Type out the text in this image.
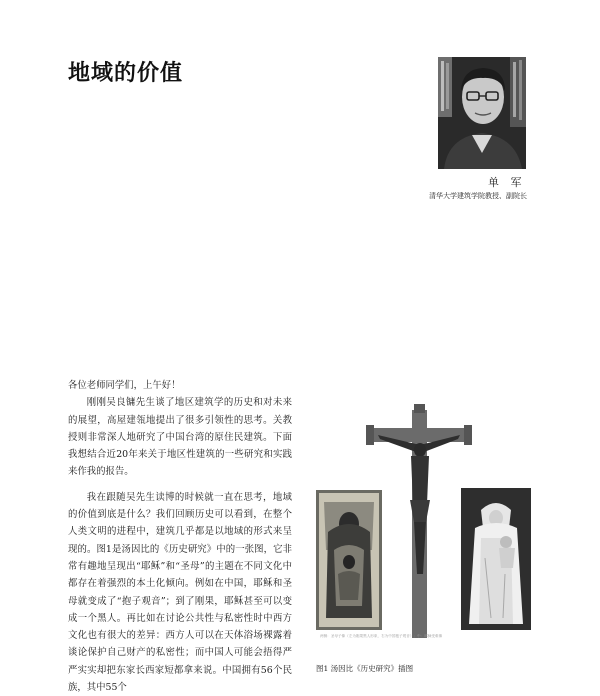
地域的价值
单 军
清华大学建筑学院教授、副院长

各位老师同学们，上午好！

刚刚吴良镛先生谈了地区建筑学的历史和对未来的展望，高屋建瓴地提出了很多引领性的思考。关教授则非常深人地研究了中国台湾的原住民建筑。下面我想结合近20年来关于地区性建筑的一些研究和实践来作我的报告。

我在跟随吴先生读博的时候就一直在思考，地域的价值到底是什么？我们回顾历史可以看到，在整个人类文明的进程中，建筑几乎都是以地域的形式来呈现的。图1是汤因比的《历史研究》中的一张图，它非常有趣地呈现出“耶稣”和“圣母”的主题在不同文化中都存在着强烈的本土化倾向。例如在中国，耶稣和圣母就变成了“抱子观音”；到了刚果，耶稣甚至可以变成一个黑人。再比如在讨论公共性与私密性时中西方文化也有很大的差异：西方人可以在天体浴场裸露着谈论保护自己财产的私密性；而中国人可能会捂得严严实实却把东家长西家短都拿来说。中国拥有56个民族，其中55个

两侧：圣母子像（左为刚果黑人形象，右为中国抱子观音）；中：耶稣受难像
图1 汤因比《历史研究》插图
